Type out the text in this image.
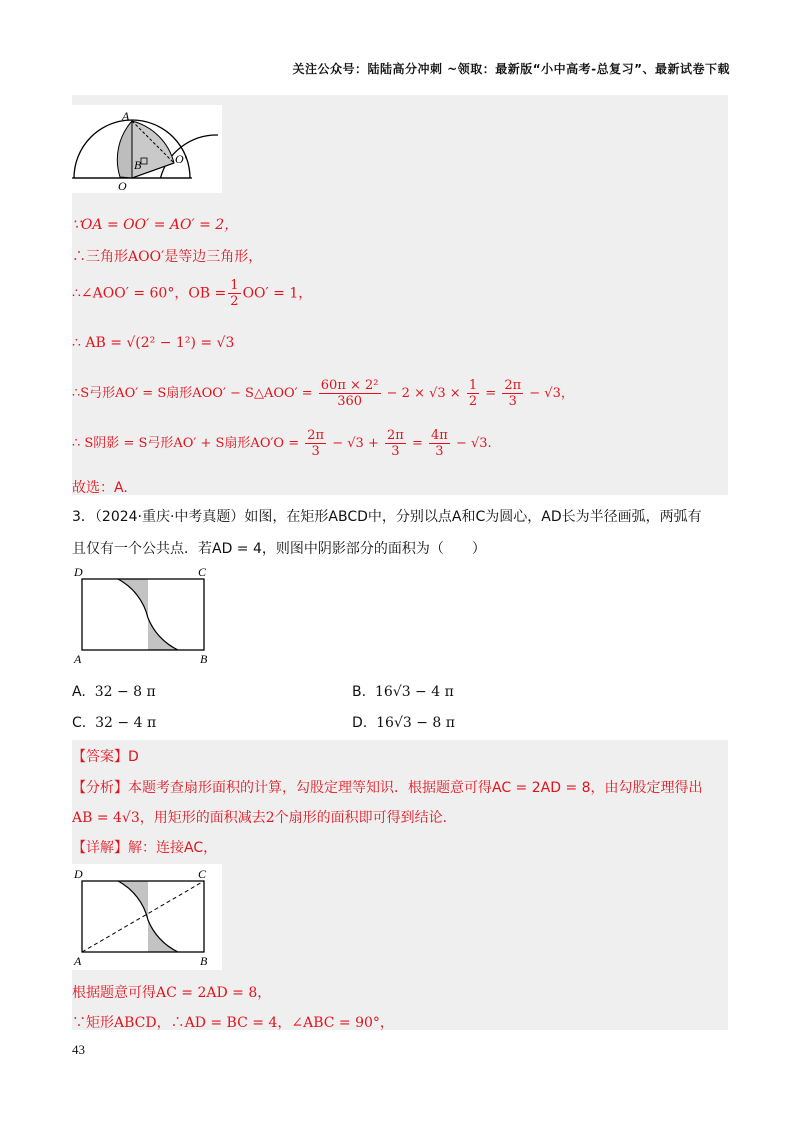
关注公众号：陆陆高分冲刺 ~领取：最新版“小中高考-总复习”、最新试卷下载
A
B
O
O′
∵OA = OO′ = AO′ = 2，
∴三角形AOO′是等边三角形，
∴∠AOO′ = 60°，OB = $\frac{1}{2} OO' = 1$，
∴ AB = √(2² − 1²) = √3
∴S弓形AO′ = S扇形AOO′ − S△AOO′ = $\frac{\text{60π × 2²}}{360} - 2 \times √3 \times \frac{1}{2} = \frac{2\pi}{3} - √3$，
∴ S阴影 = S弓形AO′ + S扇形$AO'O = \frac{2\pi}{3} - √3 + \frac{2\pi}{3} = \frac{4\pi}{3} - √3$.
故选：A.
3．（2024·重庆·中考真题）如图，在矩形ABCD中，分别以点A和C为圆心，AD长为半径画弧，两弧有
且仅有一个公共点．若AD = 4，则图中阴影部分的面积为（　　）
D	C
A	B
A. 32 − 8 π	B. 16√3 − 4 π
C. 32 − 4 π	D. 16√3 − 8 π
【答案】D
【分析】本题考查扇形面积的计算，勾股定理等知识．根据题意可得AC = 2AD = 8，由勾股定理得出
AB = 4√3，用矩形的面积减去2个扇形的面积即可得到结论．
【详解】解：连接AC，
D	C
A	B
根据题意可得AC = 2AD = 8，
∵矩形ABCD，∴AD = BC = 4，∠ABC = 90°，
43
